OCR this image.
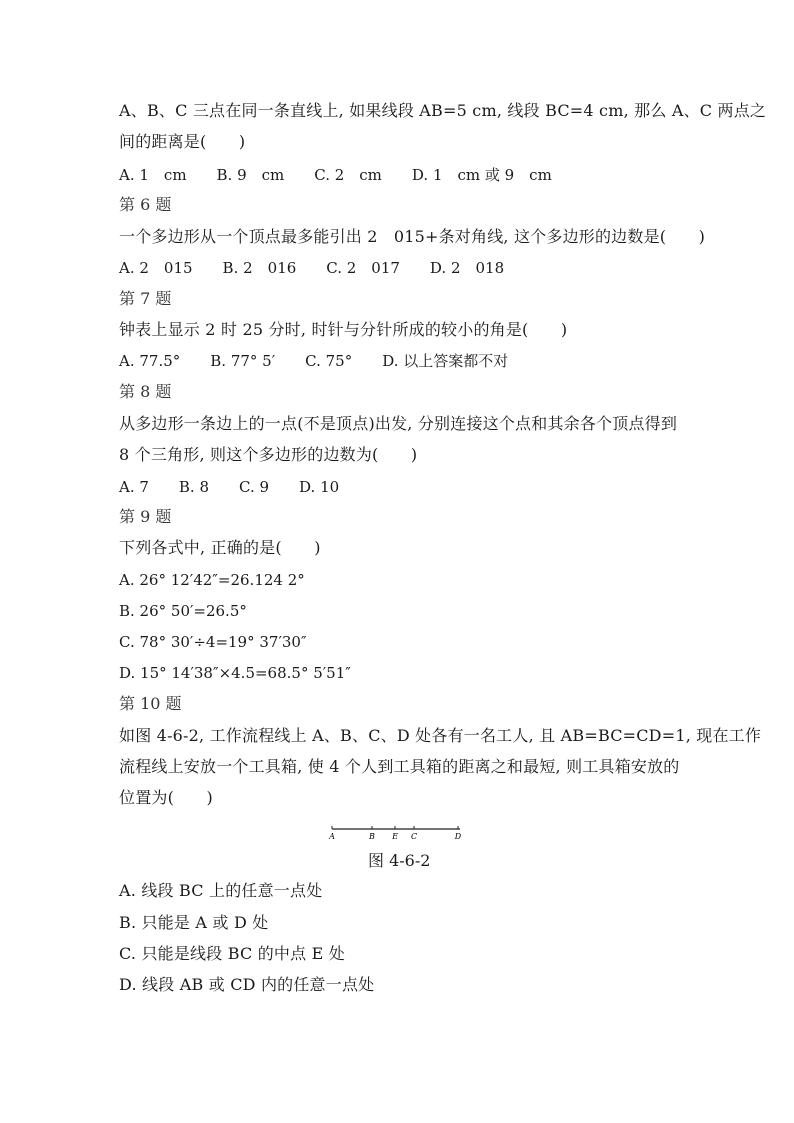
A、B、C 三点在同一条直线上, 如果线段 AB=5 cm, 线段 BC=4 cm, 那么 A、C 两点之
间的距离是(　　)
A. 1　cm　　B. 9　cm　　C. 2　cm　　D. 1　cm 或 9　cm
第 6 题
一个多边形从一个顶点最多能引出 2　015+条对角线, 这个多边形的边数是(　　)
A. 2　015　　B. 2　016　　C. 2　017　　D. 2　018
第 7 题
钟表上显示 2 时 25 分时, 时针与分针所成的较小的角是(　　)
A. 77.5°　　B. 77° 5′　　C. 75°　　D. 以上答案都不对
第 8 题
从多边形一条边上的一点(不是顶点)出发, 分别连接这个点和其余各个顶点得到
8 个三角形, 则这个多边形的边数为(　　)
A. 7　　B. 8　　C. 9　　D. 10
第 9 题
下列各式中, 正确的是(　　)
A. 26° 12′42″=26.124 2°
B. 26° 50′=26.5°
C. 78° 30′÷4=19° 37′30″
D. 15° 14′38″×4.5=68.5° 5′51″
第 10 题
如图 4-6-2, 工作流程线上 A、B、C、D 处各有一名工人, 且 AB=BC=CD=1, 现在工作
流程线上安放一个工具箱, 使 4 个人到工具箱的距离之和最短, 则工具箱安放的
位置为(　　)
A	B E C	D
图 4-6-2
A. 线段 BC 上的任意一点处
B. 只能是 A 或 D 处
C. 只能是线段 BC 的中点 E 处
D. 线段 AB 或 CD 内的任意一点处
